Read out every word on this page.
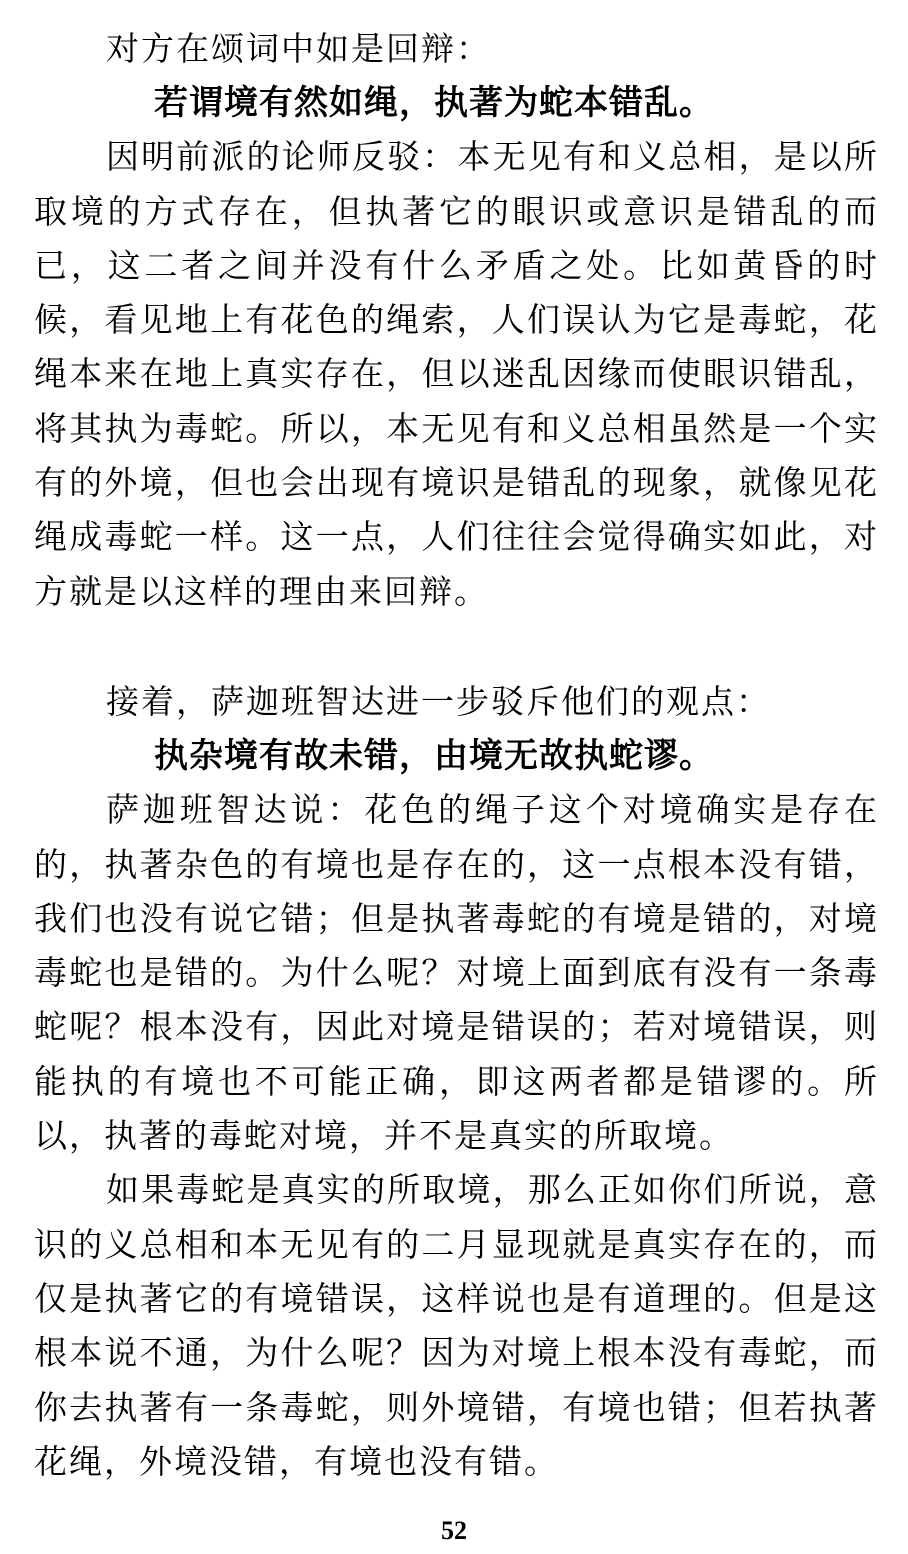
对方在颂词中如是回辩：

若谓境有然如绳，执著为蛇本错乱。

因明前派的论师反驳：本无见有和义总相，是以所取境的方式存在，但执著它的眼识或意识是错乱的而已，这二者之间并没有什么矛盾之处。比如黄昏的时候，看见地上有花色的绳索，人们误认为它是毒蛇，花绳本来在地上真实存在，但以迷乱因缘而使眼识错乱，将其执为毒蛇。所以，本无见有和义总相虽然是一个实有的外境，但也会出现有境识是错乱的现象，就像见花绳成毒蛇一样。这一点，人们往往会觉得确实如此，对方就是以这样的理由来回辩。

接着，萨迦班智达进一步驳斥他们的观点：

执杂境有故未错，由境无故执蛇谬。

萨迦班智达说：花色的绳子这个对境确实是存在的，执著杂色的有境也是存在的，这一点根本没有错，我们也没有说它错；但是执著毒蛇的有境是错的，对境毒蛇也是错的。为什么呢？对境上面到底有没有一条毒蛇呢？根本没有，因此对境是错误的；若对境错误，则能执的有境也不可能正确，即这两者都是错谬的。所以，执著的毒蛇对境，并不是真实的所取境。

如果毒蛇是真实的所取境，那么正如你们所说，意识的义总相和本无见有的二月显现就是真实存在的，而仅是执著它的有境错误，这样说也是有道理的。但是这根本说不通，为什么呢？因为对境上根本没有毒蛇，而你去执著有一条毒蛇，则外境错，有境也错；但若执著花绳，外境没错，有境也没有错。

52
